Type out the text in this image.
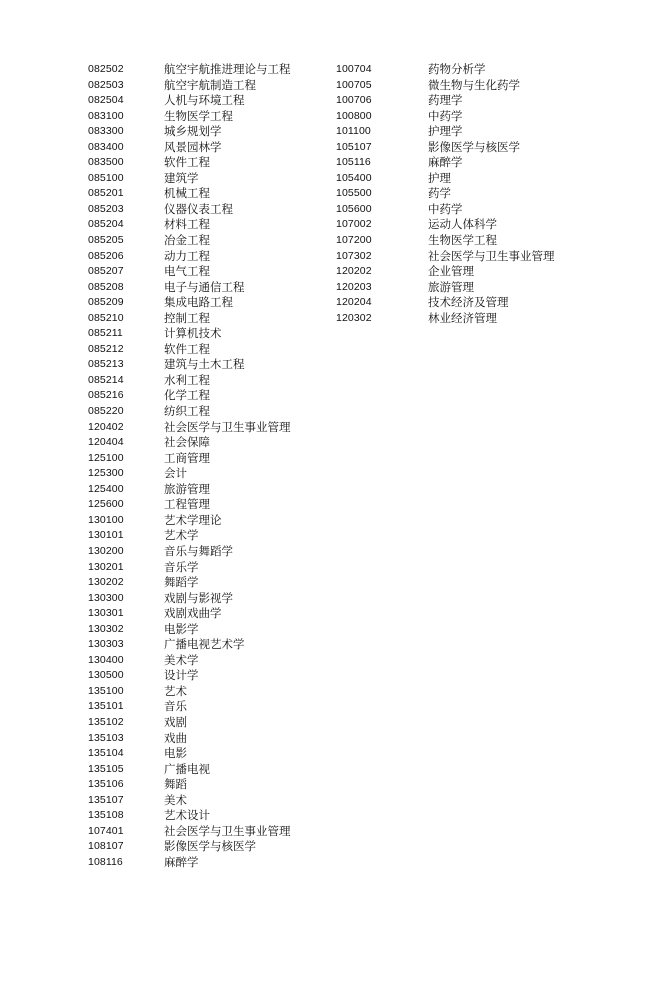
082502	航空宇航推进理论与工程
082503	航空宇航制造工程
082504	人机与环境工程
083100	生物医学工程
083300	城乡规划学
083400	风景园林学
083500	软件工程
085100	建筑学
085201	机械工程
085203	仪器仪表工程
085204	材料工程
085205	冶金工程
085206	动力工程
085207	电气工程
085208	电子与通信工程
085209	集成电路工程
085210	控制工程
085211	计算机技术
085212	软件工程
085213	建筑与土木工程
085214	水利工程
085216	化学工程
085220	纺织工程
120402	社会医学与卫生事业管理
120404	社会保障
125100	工商管理
125300	会计
125400	旅游管理
125600	工程管理
130100	艺术学理论
130101	艺术学
130200	音乐与舞蹈学
130201	音乐学
130202	舞蹈学
130300	戏剧与影视学
130301	戏剧戏曲学
130302	电影学
130303	广播电视艺术学
130400	美术学
130500	设计学
135100	艺术
135101	音乐
135102	戏剧
135103	戏曲
135104	电影
135105	广播电视
135106	舞蹈
135107	美术
135108	艺术设计
107401	社会医学与卫生事业管理
108107	影像医学与核医学
108116	麻醉学
100704	药物分析学
100705	微生物与生化药学
100706	药理学
100800	中药学
101100	护理学
105107	影像医学与核医学
105116	麻醉学
105400	护理
105500	药学
105600	中药学
107002	运动人体科学
107200	生物医学工程
107302	社会医学与卫生事业管理
120202	企业管理
120203	旅游管理
120204	技术经济及管理
120302	林业经济管理
